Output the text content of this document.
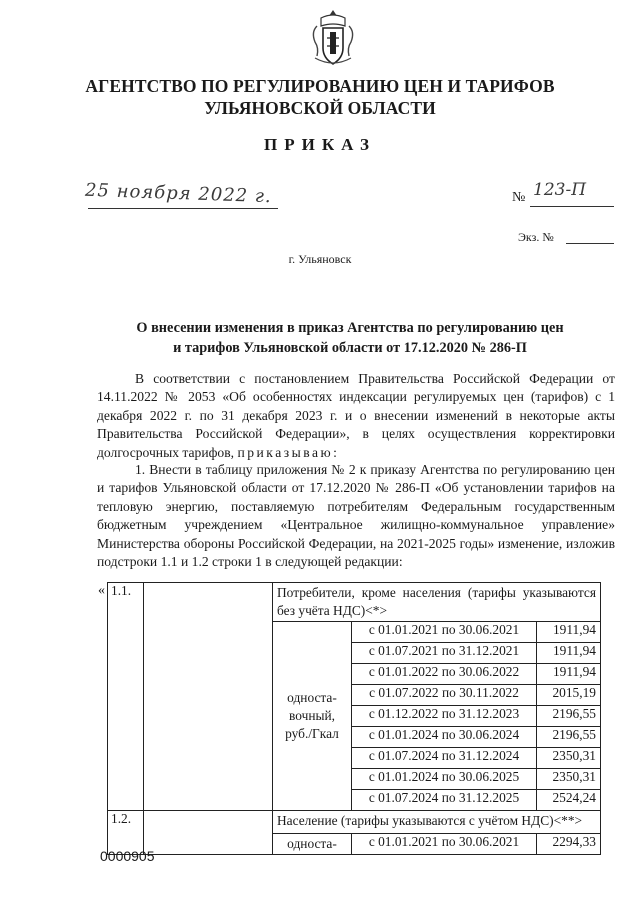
АГЕНТСТВО ПО РЕГУЛИРОВАНИЮ ЦЕН И ТАРИФОВ
УЛЬЯНОВСКОЙ ОБЛАСТИ
ПРИКАЗ
25 ноября 2022 г.	№ 123-П
Экз. №
г. Ульяновск
О внесении изменения в приказ Агентства по регулированию цен
и тарифов Ульяновской области от 17.12.2020 № 286-П
В соответствии с постановлением Правительства Российской Федерации от 14.11.2022 № 2053 «Об особенностях индексации регулируемых цен (тарифов) с 1 декабря 2022 г. по 31 декабря 2023 г. и о внесении изменений в некоторые акты Правительства Российской Федерации», в целях осуществления корректировки долгосрочных тарифов, приказываю:
1. Внести в таблицу приложения № 2 к приказу Агентства по регулированию цен и тарифов Ульяновской области от 17.12.2020 № 286-П «Об установлении тарифов на тепловую энергию, поставляемую потребителям Федеральным государственным бюджетным учреждением «Центральное жилищно-коммунальное управление» Министерства обороны Российской Федерации, на 2021-2025 годы» изменение, изложив подстроки 1.1 и 1.2 строки 1 в следующей редакции:
« 1.1.		Потребители, кроме населения (тарифы указываются без учёта НДС)<*>		
		односта-вочный, руб./Гкал	с 01.01.2021 по 30.06.2021	1911,94
			с 01.07.2021 по 31.12.2021	1911,94
			с 01.01.2022 по 30.06.2022	1911,94
			с 01.07.2022 по 30.11.2022	2015,19
			с 01.12.2022 по 31.12.2023	2196,55
			с 01.01.2024 по 30.06.2024	2196,55
			с 01.07.2024 по 31.12.2024	2350,31
			с 01.01.2024 по 30.06.2025	2350,31
			с 01.07.2024 по 31.12.2025	2524,24
1.2.		Население (тарифы указываются с учётом НДС)<**>		
		односта-	с 01.01.2021 по 30.06.2021	2294,33
0000905
